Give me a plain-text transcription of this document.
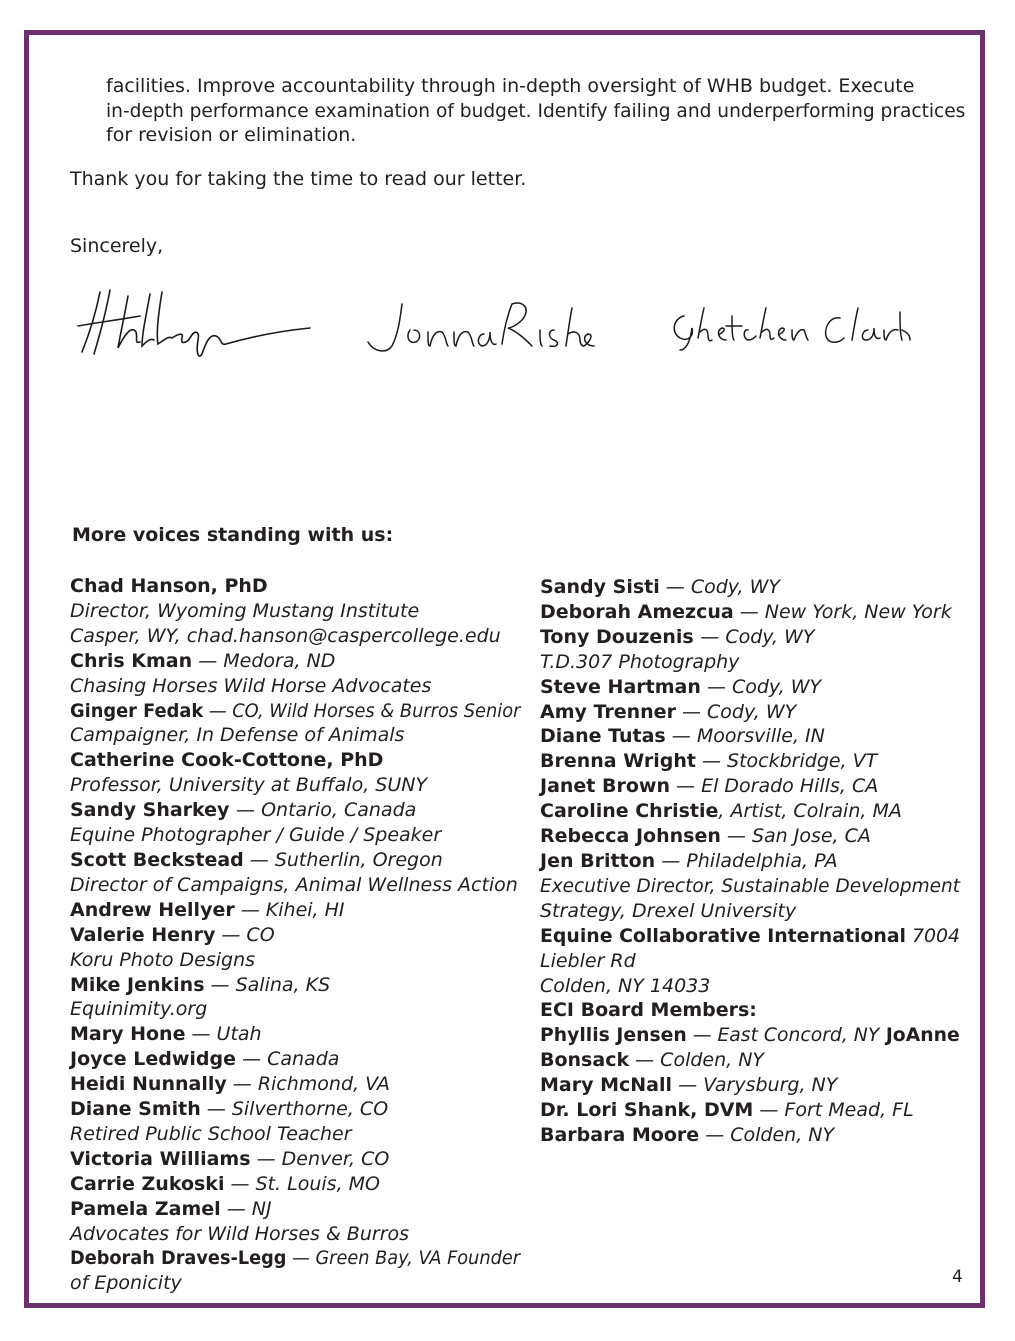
facilities. Improve accountability through in-depth oversight of WHB budget. Execute
in-depth performance examination of budget. Identify failing and underperforming practices
for revision or elimination.
Thank you for taking the time to read our letter.
Sincerely,
More voices standing with us:
Chad Hanson, PhD
Director, Wyoming Mustang Institute
Casper, WY, chad.hanson@caspercollege.edu
Chris Kman — Medora, ND
Chasing Horses Wild Horse Advocates
Ginger Fedak — CO, Wild Horses & Burros Senior
Campaigner, In Defense of Animals
Catherine Cook-Cottone, PhD
Professor, University at Buffalo, SUNY
Sandy Sharkey — Ontario, Canada
Equine Photographer / Guide / Speaker
Scott Beckstead — Sutherlin, Oregon
Director of Campaigns, Animal Wellness Action
Andrew Hellyer — Kihei, HI
Valerie Henry — CO
Koru Photo Designs
Mike Jenkins — Salina, KS
Equinimity.org
Mary Hone — Utah
Joyce Ledwidge — Canada
Heidi Nunnally — Richmond, VA
Diane Smith — Silverthorne, CO
Retired Public School Teacher
Victoria Williams — Denver, CO
Carrie Zukoski — St. Louis, MO
Pamela Zamel — NJ
Advocates for Wild Horses & Burros
Deborah Draves-Legg — Green Bay, VA Founder
of Eponicity
Sandy Sisti — Cody, WY
Deborah Amezcua — New York, New York
Tony Douzenis — Cody, WY
T.D.307 Photography
Steve Hartman — Cody, WY
Amy Trenner — Cody, WY
Diane Tutas — Moorsville, IN
Brenna Wright — Stockbridge, VT
Janet Brown — El Dorado Hills, CA
Caroline Christie, Artist, Colrain, MA
Rebecca Johnsen — San Jose, CA
Jen Britton — Philadelphia, PA
Executive Director, Sustainable Development
Strategy, Drexel University
Equine Collaborative International 7004
Liebler Rd
Colden, NY 14033
ECI Board Members:
Phyllis Jensen — East Concord, NY JoAnne
Bonsack — Colden, NY
Mary McNall — Varysburg, NY
Dr. Lori Shank, DVM — Fort Mead, FL
Barbara Moore — Colden, NY
4
